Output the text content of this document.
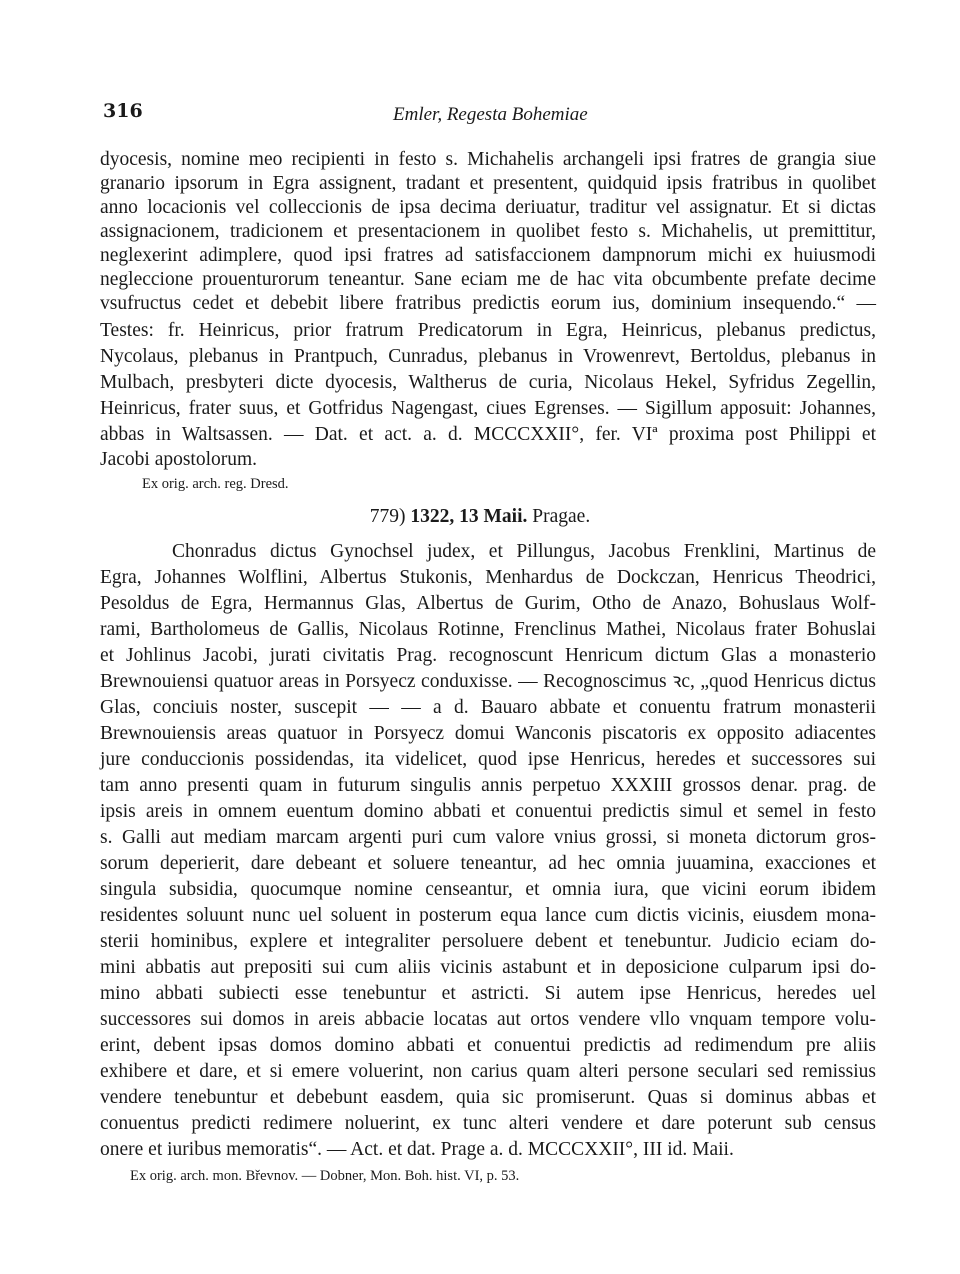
316	Emler, Regesta Bohemiae
dyocesis, nomine meo recipienti in festo s. Michahelis archangeli ipsi fratres de grangia siue
granario ipsorum in Egra assignent, tradant et presentent, quidquid ipsis fratribus in quolibet
anno locacionis vel colleccionis de ipsa decima deriuatur, traditur vel assignatur. Et si dictas
assignacionem, tradicionem et presentacionem in quolibet festo s. Michahelis, ut premittitur,
neglexerint adimplere, quod ipsi fratres ad satisfaccionem dampnorum michi ex huiusmodi
negleccione prouenturorum teneantur. Sane eciam me de hac vita obcumbente prefate decime
vsufructus cedet et debebit libere fratribus predictis eorum ius, dominium insequendo.“ —
Testes: fr. Heinricus, prior fratrum Predicatorum in Egra, Heinricus, plebanus predictus,
Nycolaus, plebanus in Prantpuch, Cunradus, plebanus in Vrowenrevt, Bertoldus, plebanus in
Mulbach, presbyteri dicte dyocesis, Waltherus de curia, Nicolaus Hekel, Syfridus Zegellin,
Heinricus, frater suus, et Gotfridus Nagengast, ciues Egrenses. — Sigillum apposuit: Johannes,
abbas in Waltsassen. — Dat. et act. a. d. MCCCXXII°, fer. VIª proxima post Philippi et
Jacobi apostolorum.
Ex orig. arch. reg. Dresd.
779) 1322, 13 Maii. Pragae.
Chonradus dictus Gynochsel judex, et Pillungus, Jacobus Frenklini, Martinus de
Egra, Johannes Wolflini, Albertus Stukonis, Menhardus de Dockczan, Henricus Theodrici,
Pesoldus de Egra, Hermannus Glas, Albertus de Gurim, Otho de Anazo, Bohuslaus Wolf-
rami, Bartholomeus de Gallis, Nicolaus Rotinne, Frenclinus Mathei, Nicolaus frater Bohuslai
et Johlinus Jacobi, jurati civitatis Prag. recognoscunt Henricum dictum Glas a monasterio
Brewnouiensi quatuor areas in Porsyecz conduxisse. — Recognoscimus ꝛc, „quod Henricus dictus
Glas, conciuis noster, suscepit — — a d. Bauaro abbate et conuentu fratrum monasterii
Brewnouiensis areas quatuor in Porsyecz domui Wanconis piscatoris ex opposito adiacentes
jure conduccionis possidendas, ita videlicet, quod ipse Henricus, heredes et successores sui
tam anno presenti quam in futurum singulis annis perpetuo XXXIII grossos denar. prag. de
ipsis areis in omnem euentum domino abbati et conuentui predictis simul et semel in festo
s. Galli aut mediam marcam argenti puri cum valore vnius grossi, si moneta dictorum gros-
sorum deperierit, dare debeant et soluere teneantur, ad hec omnia juuamina, exacciones et
singula subsidia, quocumque nomine censeantur, et omnia iura, que vicini eorum ibidem
residentes soluunt nunc uel soluent in posterum equa lance cum dictis vicinis, eiusdem mona-
sterii hominibus, explere et integraliter persoluere debent et tenebuntur. Judicio eciam do-
mini abbatis aut prepositi sui cum aliis vicinis astabunt et in deposicione culparum ipsi do-
mino abbati subiecti esse tenebuntur et astricti. Si autem ipse Henricus, heredes uel
successores sui domos in areis abbacie locatas aut ortos vendere vllo vnquam tempore volu-
erint, debent ipsas domos domino abbati et conuentui predictis ad redimendum pre aliis
exhibere et dare, et si emere voluerint, non carius quam alteri persone seculari sed remissius
vendere tenebuntur et debebunt easdem, quia sic promiserunt. Quas si dominus abbas et
conuentus predicti redimere noluerint, ex tunc alteri vendere et dare poterunt sub census
onere et iuribus memoratis“. — Act. et dat. Prage a. d. MCCCXXII°, III id. Maii.
Ex orig. arch. mon. Břevnov. — Dobner, Mon. Boh. hist. VI, p. 53.
